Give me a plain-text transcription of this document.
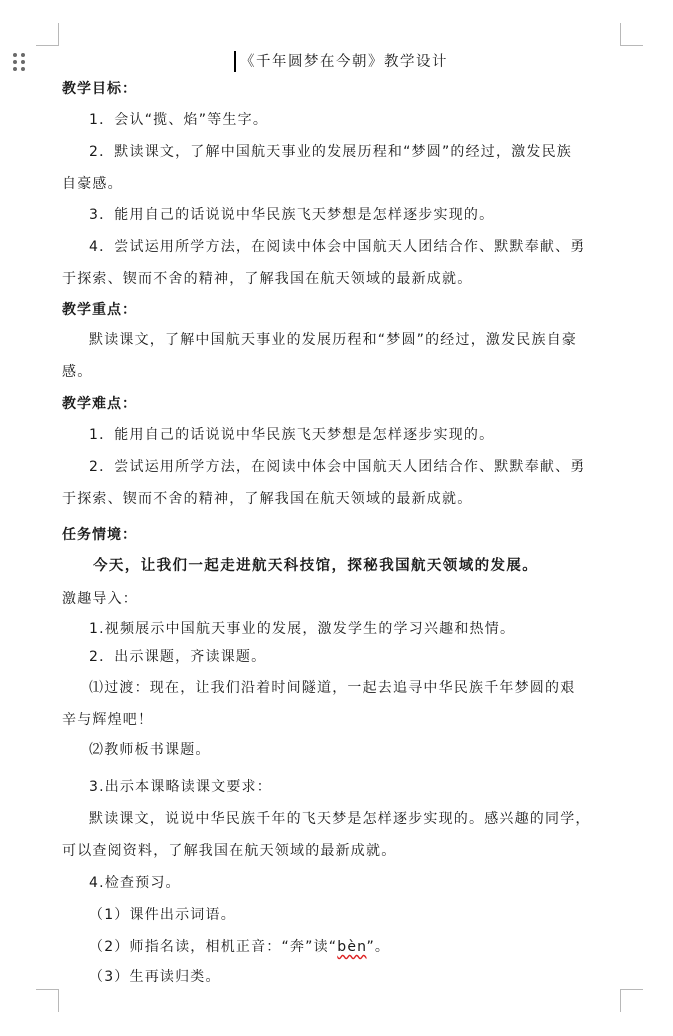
《千年圆梦在今朝》教学设计
教学目标：
1．会认“揽、焰”等生字。
2．默读课文，了解中国航天事业的发展历程和“梦圆”的经过，激发民族
自豪感。
3．能用自己的话说说中华民族飞天梦想是怎样逐步实现的。
4．尝试运用所学方法，在阅读中体会中国航天人团结合作、默默奉献、勇
于探索、锲而不舍的精神，了解我国在航天领域的最新成就。
教学重点：
默读课文，了解中国航天事业的发展历程和“梦圆”的经过，激发民族自豪
感。
教学难点：
1．能用自己的话说说中华民族飞天梦想是怎样逐步实现的。
2．尝试运用所学方法，在阅读中体会中国航天人团结合作、默默奉献、勇
于探索、锲而不舍的精神，了解我国在航天领域的最新成就。
任务情境：
今天，让我们一起走进航天科技馆，探秘我国航天领域的发展。
激趣导入：
1.视频展示中国航天事业的发展，激发学生的学习兴趣和热情。
2．出示课题，齐读课题。
⑴过渡：现在，让我们沿着时间隧道，一起去追寻中华民族千年梦圆的艰
辛与辉煌吧！
⑵教师板书课题。
3.出示本课略读课文要求：
默读课文，说说中华民族千年的飞天梦是怎样逐步实现的。感兴趣的同学，
可以查阅资料，了解我国在航天领域的最新成就。
4.检查预习。
（1）课件出示词语。
（2）师指名读，相机正音：“奔”读“bèn”。
（3）生再读归类。
